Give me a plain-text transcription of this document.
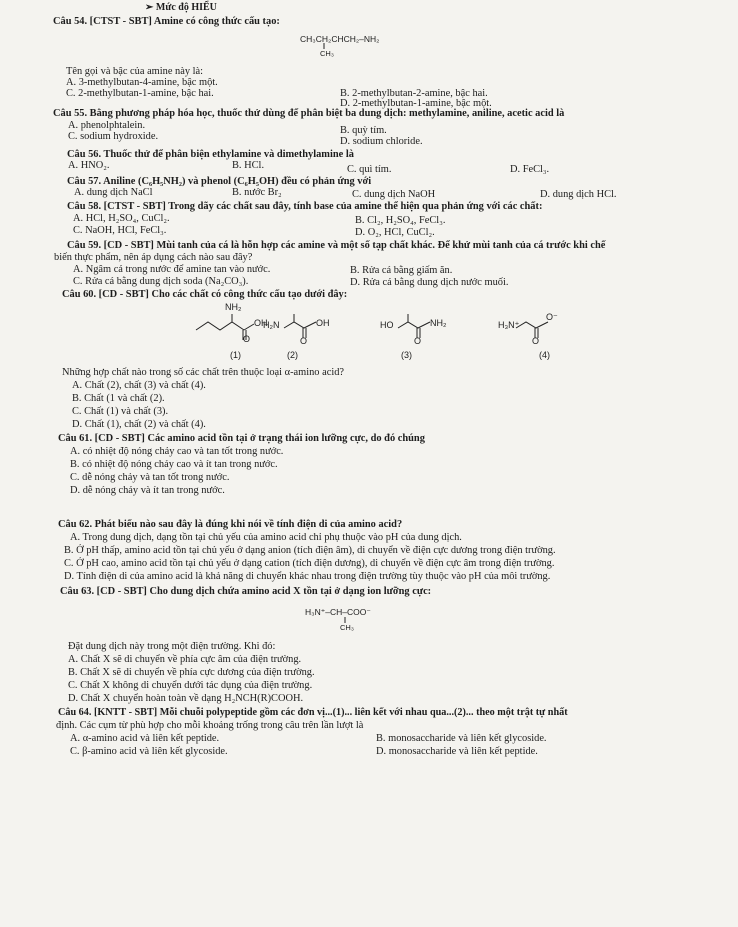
➢ Mức độ HIỂU
Câu 54. [CTST - SBT] Amine có công thức cấu tạo:
CH₃CH₂CHCH₂–NH₂
CH₃
Tên gọi và bậc của amine này là:
A. 3-methylbutan-4-amine, bậc một.
B. 2-methylbutan-2-amine, bậc hai.
C. 2-methylbutan-1-amine, bậc hai.
D. 2-methylbutan-1-amine, bậc một.
Câu 55. Bằng phương pháp hóa học, thuốc thử dùng để phân biệt ba dung dịch: methylamine, aniline, acetic acid là
A. phenolphtalein.	B. quỳ tím.
C. sodium hydroxide.	D. sodium chloride.
Câu 56. Thuốc thử để phân biện ethylamine và dimethylamine là
A. HNO₂.	B. HCl.	C. quì tím.	D. FeCl₃.
Câu 57. Aniline (C₆H₅NH₂) và phenol (C₆H₅OH) đều có phản ứng với
A. dung dịch NaCl	B. nước Br₂	C. dung dịch NaOH	D. dung dịch HCl.
Câu 58. [CTST - SBT] Trong dãy các chất sau đây, tính base của amine thể hiện qua phản ứng với các chất:
A. HCl, H₂SO₄, CuCl₂.	B. Cl₂, H₂SO₄, FeCl₃.
C. NaOH, HCl, FeCl₃.	D. O₂, HCl, CuCl₂.
Câu 59. [CD - SBT] Mùi tanh của cá là hỗn hợp các amine và một số tạp chất khác. Để khử mùi tanh của cá trước khi chế
biến thực phẩm, nên áp dụng cách nào sau đây?
A. Ngâm cá trong nước để amine tan vào nước.	B. Rửa cá bằng giấm ăn.
C. Rửa cá bằng dung dịch soda (Na₂CO₃).	D. Rửa cá bằng dung dịch nước muối.
Câu 60. [CD - SBT] Cho các chất có công thức cấu tạo dưới đây:
NH₂
OH
O
(1)
H₂N	OH
O
(2)
HO	NH₂
O
(3)
H₃N⁺
O⁻
O
(4)
Những hợp chất nào trong số các chất trên thuộc loại α-amino acid?
A. Chất (2), chất (3) và chất (4).
B. Chất (1 và chất (2).
C. Chất (1) và chất (3).
D. Chất (1), chất (2) và chất (4).
Câu 61. [CD - SBT] Các amino acid tồn tại ở trạng thái ion lưỡng cực, do đó chúng
A. có nhiệt độ nóng chảy cao và tan tốt trong nước.
B. có nhiệt độ nóng chảy cao và ít tan trong nước.
C. dễ nóng chảy và tan tốt trong nước.
D. dễ nóng chảy và ít tan trong nước.
Câu 62. Phát biểu nào sau đây là đúng khi nói về tính điện di của amino acid?
A. Trong dung dịch, dạng tồn tại chủ yếu của amino acid chỉ phụ thuộc vào pH của dung dịch.
B. Ở pH thấp, amino acid tồn tại chủ yếu ở dạng anion (tích điện âm), di chuyển về điện cực dương trong điện trường.
C. Ở pH cao, amino acid tồn tại chủ yếu ở dạng cation (tích điện dương), di chuyển về điện cực âm trong điện trường.
D. Tính điện di của amino acid là khả năng di chuyển khác nhau trong điện trường tùy thuộc vào pH của môi trường.
Câu 63. [CD - SBT] Cho dung dịch chứa amino acid X tồn tại ở dạng ion lưỡng cực:
H₃N⁺–CH–COO⁻
CH₃
Đặt dung dịch này trong một điện trường. Khi đó:
A. Chất X sẽ di chuyển về phía cực âm của điện trường.
B. Chất X sẽ di chuyển về phía cực dương của điện trường.
C. Chất X không di chuyển dưới tác dụng của điện trường.
D. Chất X chuyển hoàn toàn về dạng H₂NCH(R)COOH.
Câu 64. [KNTT - SBT] Mỗi chuỗi polypeptide gồm các đơn vị...(1)... liên kết với nhau qua...(2)... theo một trật tự nhất
định. Các cụm từ phù hợp cho mỗi khoảng trống trong câu trên lần lượt là
A. α-amino acid và liên kết peptide.	B. monosaccharide và liên kết glycoside.
C. β-amino acid và liên kết glycoside.	D. monosaccharide và liên kết peptide.
